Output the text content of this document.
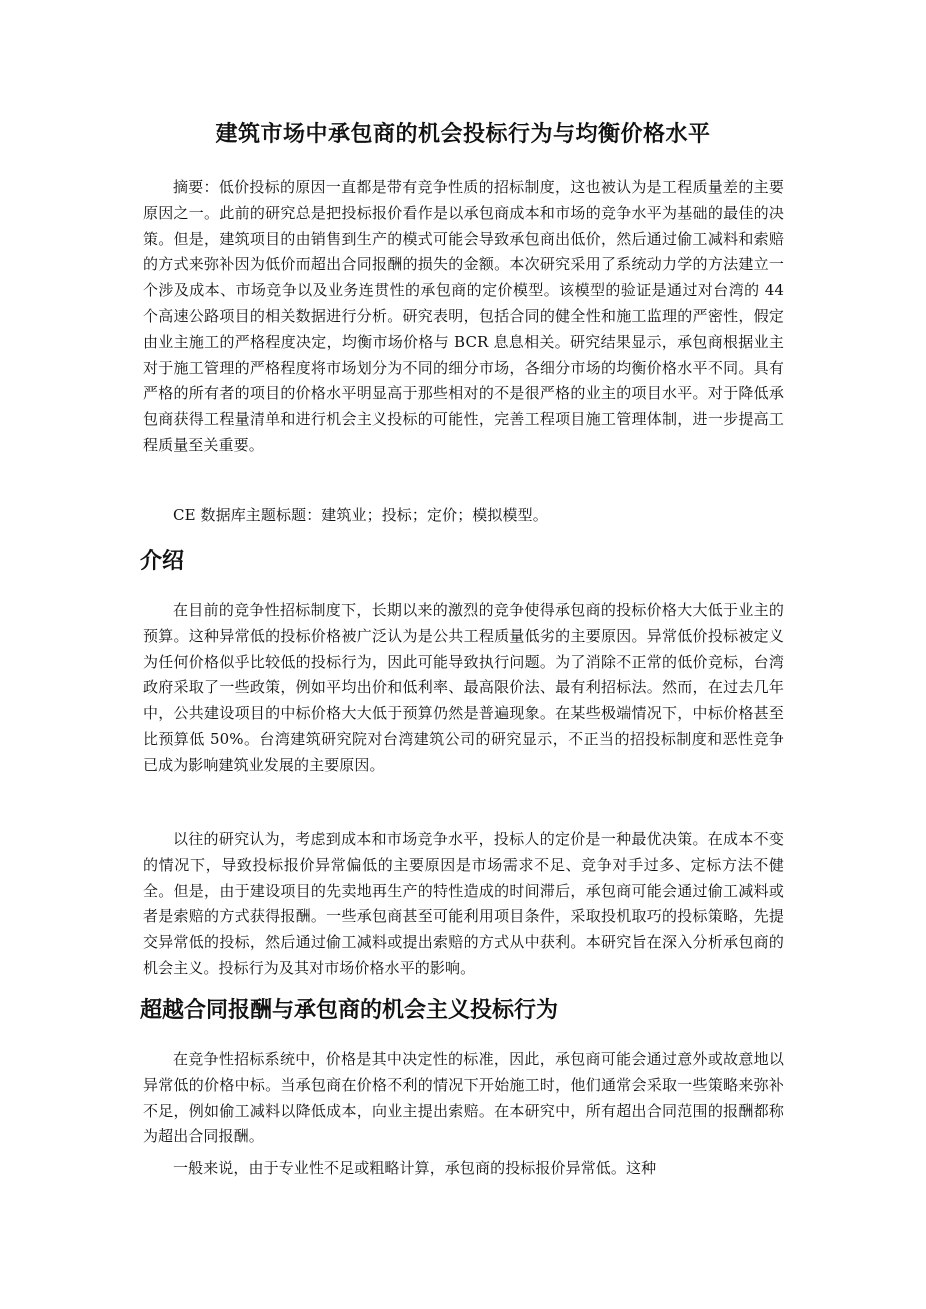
建筑市场中承包商的机会投标行为与均衡价格水平

摘要：低价投标的原因一直都是带有竞争性质的招标制度，这也被认为是工程质量差的主要原因之一。此前的研究总是把投标报价看作是以承包商成本和市场的竞争水平为基础的最佳的决策。但是，建筑项目的由销售到生产的模式可能会导致承包商出低价，然后通过偷工减料和索赔的方式来弥补因为低价而超出合同报酬的损失的金额。本次研究采用了系统动力学的方法建立一个涉及成本、市场竞争以及业务连贯性的承包商的定价模型。该模型的验证是通过对台湾的 44 个高速公路项目的相关数据进行分析。研究表明，包括合同的健全性和施工监理的严密性，假定由业主施工的严格程度决定，均衡市场价格与 BCR 息息相关。研究结果显示，承包商根据业主对于施工管理的严格程度将市场划分为不同的细分市场，各细分市场的均衡价格水平不同。具有严格的所有者的项目的价格水平明显高于那些相对的不是很严格的业主的项目水平。对于降低承包商获得工程量清单和进行机会主义投标的可能性，完善工程项目施工管理体制，进一步提高工程质量至关重要。

CE 数据库主题标题：建筑业；投标；定价；模拟模型。

介绍

在目前的竞争性招标制度下，长期以来的激烈的竞争使得承包商的投标价格大大低于业主的预算。这种异常低的投标价格被广泛认为是公共工程质量低劣的主要原因。异常低价投标被定义为任何价格似乎比较低的投标行为，因此可能导致执行问题。为了消除不正常的低价竞标，台湾政府采取了一些政策，例如平均出价和低利率、最高限价法、最有利招标法。然而，在过去几年中，公共建设项目的中标价格大大低于预算仍然是普遍现象。在某些极端情况下，中标价格甚至比预算低 50%。台湾建筑研究院对台湾建筑公司的研究显示，不正当的招投标制度和恶性竞争已成为影响建筑业发展的主要原因。

以往的研究认为，考虑到成本和市场竞争水平，投标人的定价是一种最优决策。在成本不变的情况下，导致投标报价异常偏低的主要原因是市场需求不足、竞争对手过多、定标方法不健全。但是，由于建设项目的先卖地再生产的特性造成的时间滞后，承包商可能会通过偷工减料或者是索赔的方式获得报酬。一些承包商甚至可能利用项目条件，采取投机取巧的投标策略，先提交异常低的投标，然后通过偷工减料或提出索赔的方式从中获利。本研究旨在深入分析承包商的机会主义。投标行为及其对市场价格水平的影响。

超越合同报酬与承包商的机会主义投标行为

在竞争性招标系统中，价格是其中决定性的标准，因此，承包商可能会通过意外或故意地以异常低的价格中标。当承包商在价格不利的情况下开始施工时，他们通常会采取一些策略来弥补不足，例如偷工减料以降低成本，向业主提出索赔。在本研究中，所有超出合同范围的报酬都称为超出合同报酬。

一般来说，由于专业性不足或粗略计算，承包商的投标报价异常低。这种
